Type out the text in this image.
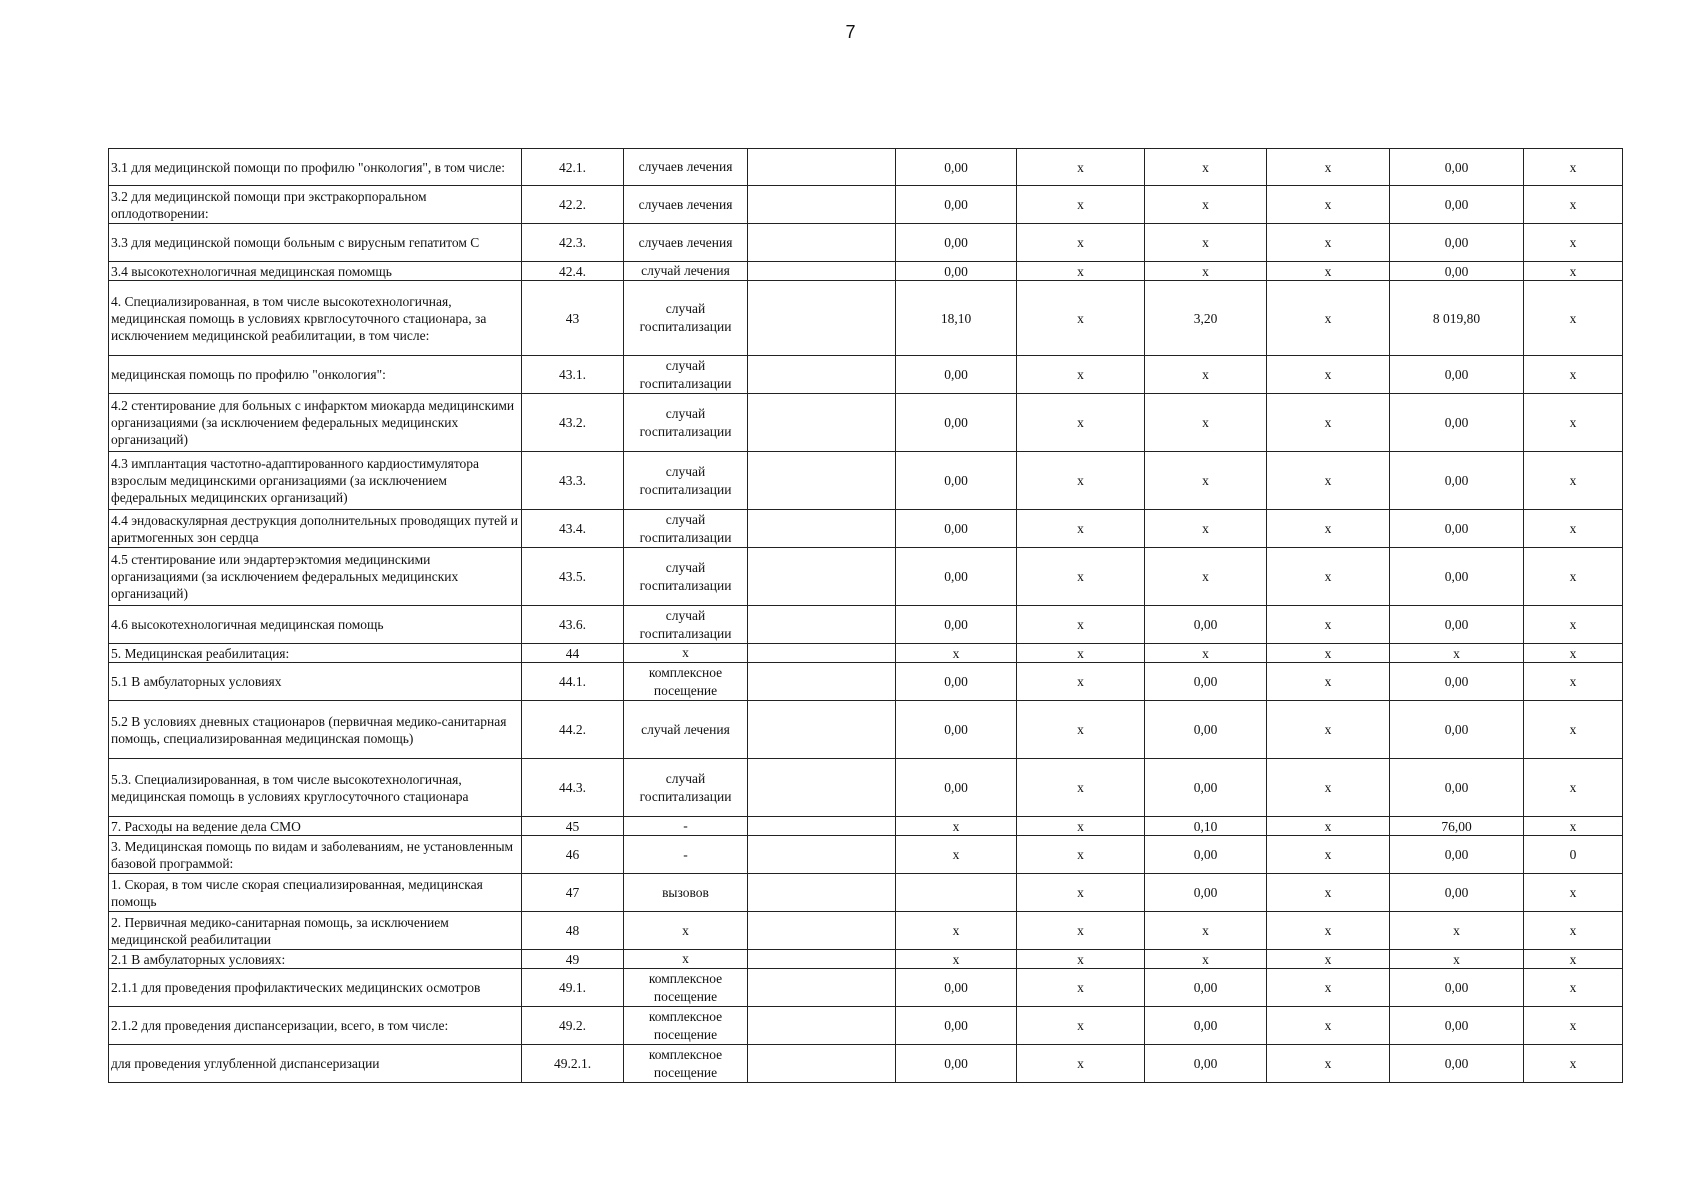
7
3.1 для медицинской помощи по профилю "онкология", в том числе:	42.1.	случаев лечения		0,00	х	х	х	0,00	х
3.2 для медицинской помощи при экстракорпоральном оплодотворении:	42.2.	случаев лечения		0,00	х	х	х	0,00	х
3.3 для медицинской помощи больным с вирусным гепатитом С	42.3.	случаев лечения		0,00	х	х	х	0,00	х
3.4 высокотехнологичная медицинская помомщь	42.4.	случай лечения		0,00	х	х	х	0,00	х
4. Специализированная, в том числе высокотехнологичная, медицинская помощь в условиях крвглосуточного стационара, за исключением медицинской реабилитации, в том числе:	43	случай госпитализации		18,10	х	3,20	х	8 019,80	х
медицинская помощь по профилю "онкология":	43.1.	случай госпитализации		0,00	х	х	х	0,00	х
4.2 стентирование для больных с инфарктом миокарда медицинскими организациями (за исключением федеральных медицинских организаций)	43.2.	случай госпитализации		0,00	х	х	х	0,00	х
4.3 имплантация частотно-адаптированного кардиостимулятора взрослым медицинскими организациями (за исключением федеральных медицинских организаций)	43.3.	случай госпитализации		0,00	х	х	х	0,00	х
4.4 эндоваскулярная деструкция дополнительных проводящих путей и аритмогенных зон сердца	43.4.	случай госпитализации		0,00	х	х	х	0,00	х
4.5 стентирование или эндартерэктомия медицинскими организациями (за исключением федеральных медицинских организаций)	43.5.	случай госпитализации		0,00	х	х	х	0,00	х
4.6 высокотехнологичная медицинская помощь	43.6.	случай госпитализации		0,00	х	0,00	х	0,00	х
5. Медицинская реабилитация:	44	х		х	х	х	х	х	х
5.1 В амбулаторных условиях	44.1.	комплексное посещение		0,00	х	0,00	х	0,00	х
5.2 В условиях дневных стационаров (первичная медико-санитарная помощь, специализированная медицинская помощь)	44.2.	случай лечения		0,00	х	0,00	х	0,00	х
5.3. Специализированная, в том числе высокотехнологичная, медицинская помощь в условиях круглосуточного стационара	44.3.	случай госпитализации		0,00	х	0,00	х	0,00	х
7. Расходы на ведение дела СМО	45	-		х	х	0,10	х	76,00	х
3. Медицинская помощь по видам и заболеваниям, не установленным базовой программой:	46	-		х	х	0,00	х	0,00	0
1. Скорая, в том числе скорая специализированная, медицинская помощь	47	вызовов			х	0,00	х	0,00	х
2. Первичная медико-санитарная помощь, за исключением медицинской реабилитации	48	х		х	х	х	х	х	х
2.1 В амбулаторных условиях:	49	х		х	х	х	х	х	х
2.1.1 для проведения профилактических медицинских осмотров	49.1.	комплексное посещение		0,00	х	0,00	х	0,00	х
2.1.2 для проведения диспансеризации, всего, в том числе:	49.2.	комплексное посещение		0,00	х	0,00	х	0,00	х
для проведения углубленной диспансеризации	49.2.1.	комплексное посещение		0,00	х	0,00	х	0,00	х
